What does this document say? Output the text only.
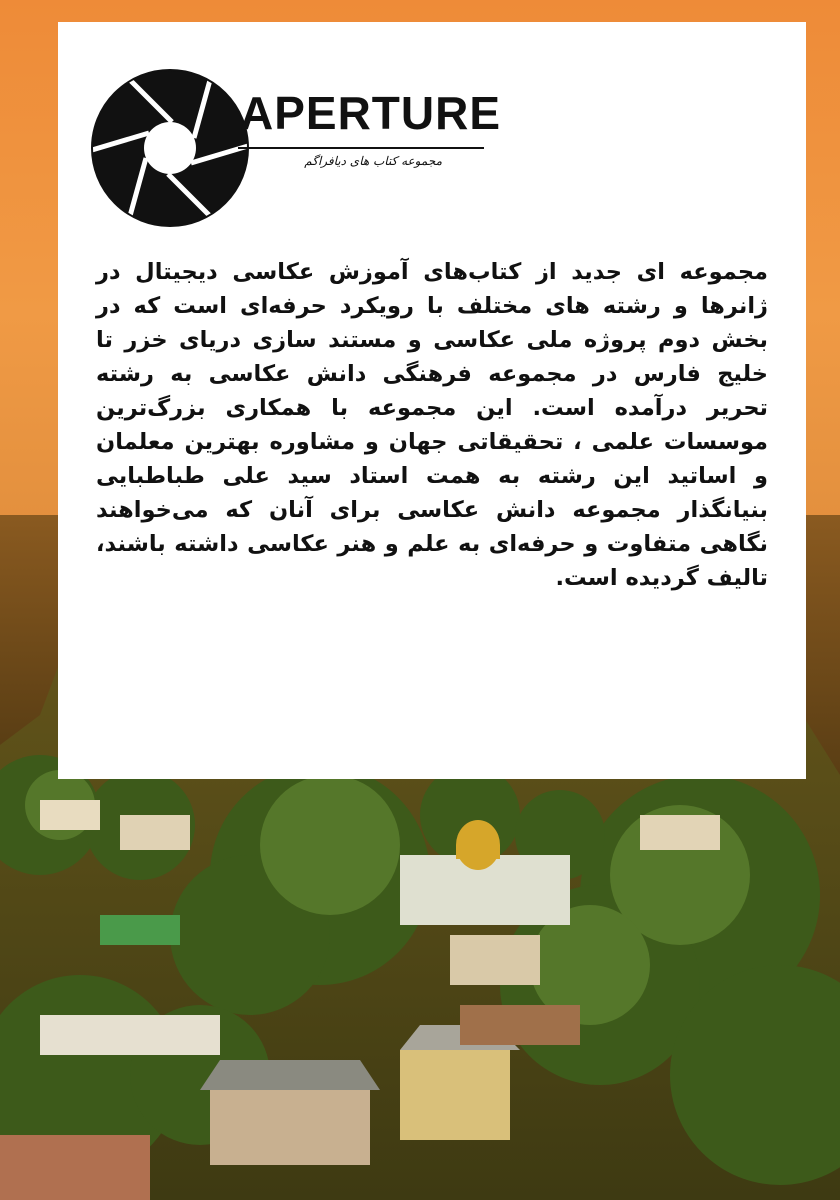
APERTURE
مجموعه کتاب های دیافراگم
مجموعه ای جدید از کتاب‌های آموزش عکاسی دیجیتال در ژانرها و رشته های مختلف با رویکرد حرفه‌ای است که در بخش دوم پروژه ملی عکاسی و مستند سازی دریای خزر تا خلیج فارس در مجموعه فرهنگی دانش عکاسی به رشته تحریر درآمده است. این مجموعه با همکاری بزرگ‌ترین موسسات علمی ، تحقیقاتی جهان و مشاوره بهترین معلمان و اساتید این رشته به همت استاد سید علی طباطبایی بنیانگذار مجموعه دانش عکاسی برای آنان که می‌خواهند نگاهی متفاوت و حرفه‌ای به علم و هنر عکاسی داشته باشند، تالیف گردیده است.
